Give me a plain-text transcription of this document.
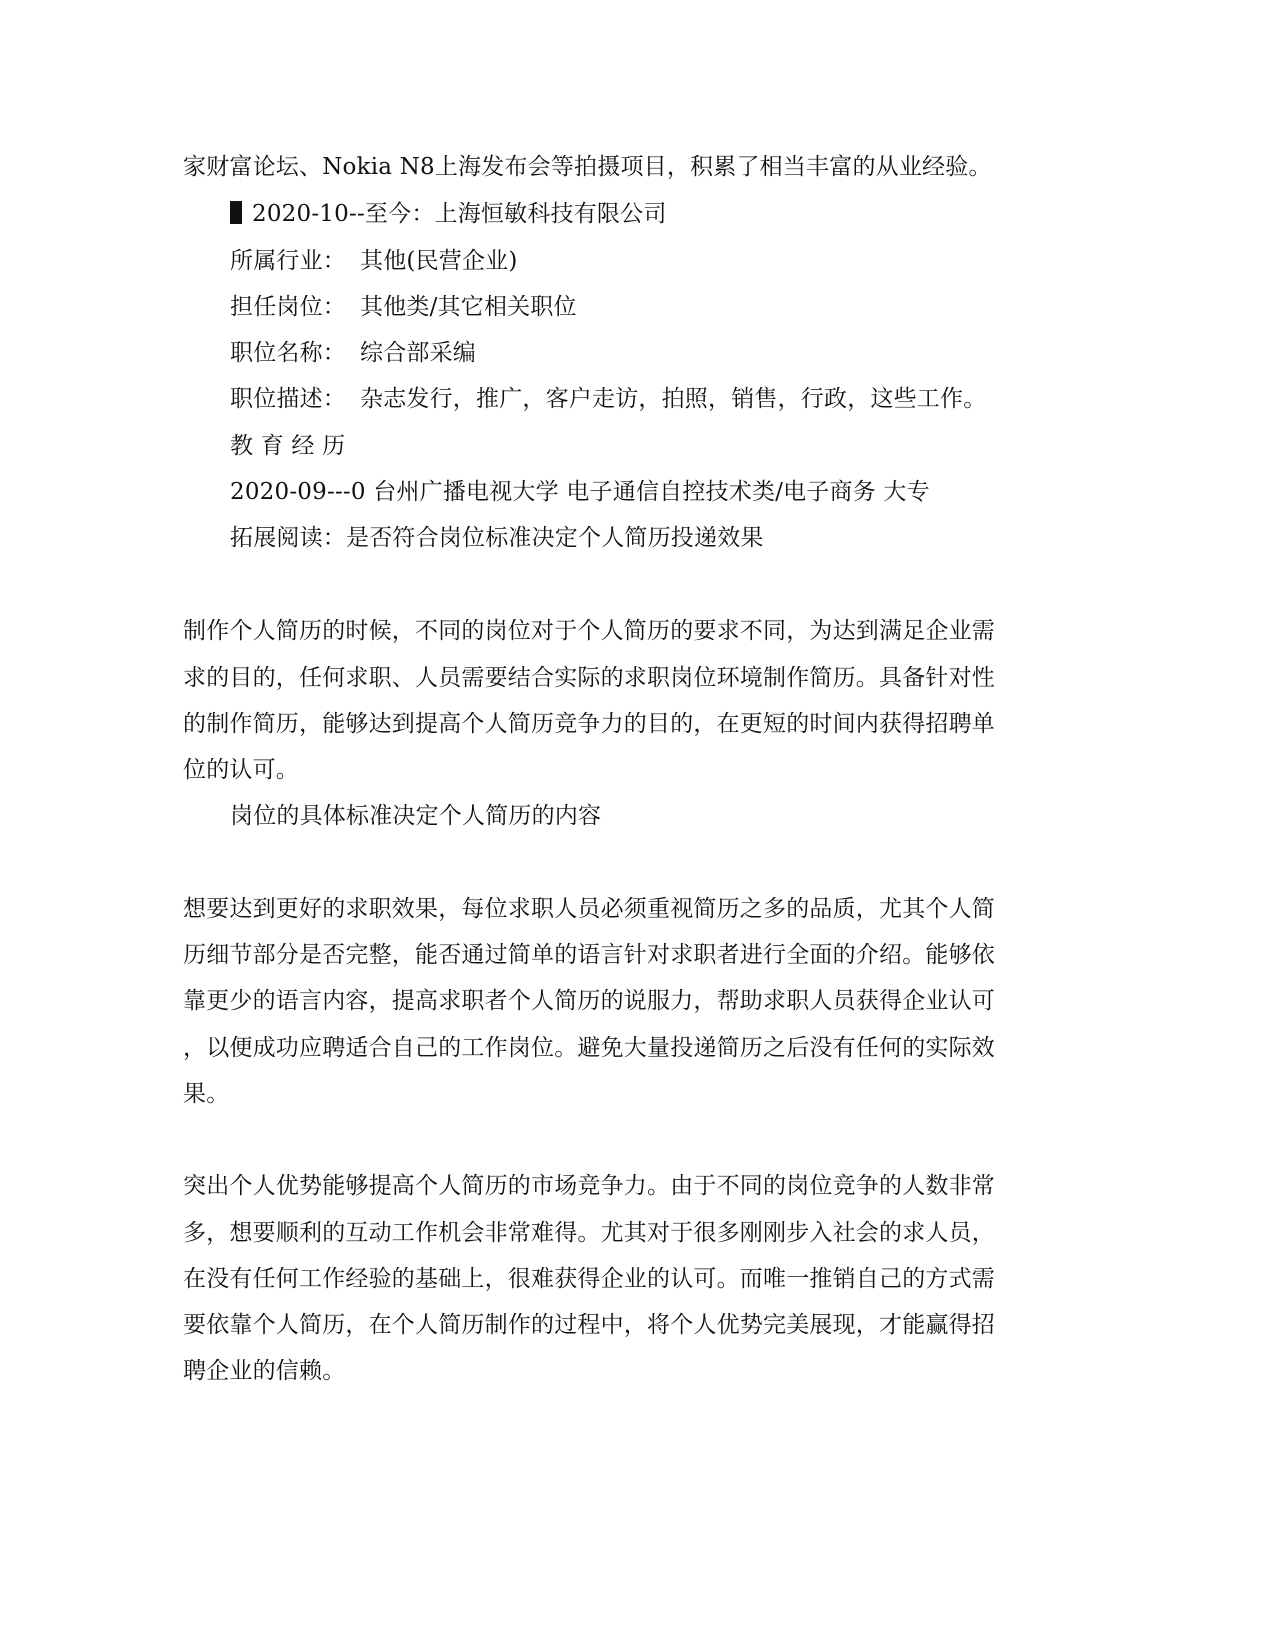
家财富论坛、Nokia N8上海发布会等拍摄项目，积累了相当丰富的从业经验。
2020-10--至今：上海恒敏科技有限公司
所属行业： 其他(民营企业)
担任岗位： 其他类/其它相关职位
职位名称： 综合部采编
职位描述： 杂志发行，推广，客户走访，拍照，销售，行政，这些工作。
教 育 经 历
2020-09---0 台州广播电视大学 电子通信自控技术类/电子商务 大专
拓展阅读：是否符合岗位标准决定个人简历投递效果
制作个人简历的时候，不同的岗位对于个人简历的要求不同，为达到满足企业需
求的目的，任何求职、人员需要结合实际的求职岗位环境制作简历。具备针对性
的制作简历，能够达到提高个人简历竞争力的目的，在更短的时间内获得招聘单
位的认可。
岗位的具体标准决定个人简历的内容
想要达到更好的求职效果，每位求职人员必须重视简历之多的品质，尤其个人简
历细节部分是否完整，能否通过简单的语言针对求职者进行全面的介绍。能够依
靠更少的语言内容，提高求职者个人简历的说服力，帮助求职人员获得企业认可
，以便成功应聘适合自己的工作岗位。避免大量投递简历之后没有任何的实际效
果。
突出个人优势能够提高个人简历的市场竞争力。由于不同的岗位竞争的人数非常
多，想要顺利的互动工作机会非常难得。尤其对于很多刚刚步入社会的求人员，
在没有任何工作经验的基础上，很难获得企业的认可。而唯一推销自己的方式需
要依靠个人简历，在个人简历制作的过程中，将个人优势完美展现，才能赢得招
聘企业的信赖。
